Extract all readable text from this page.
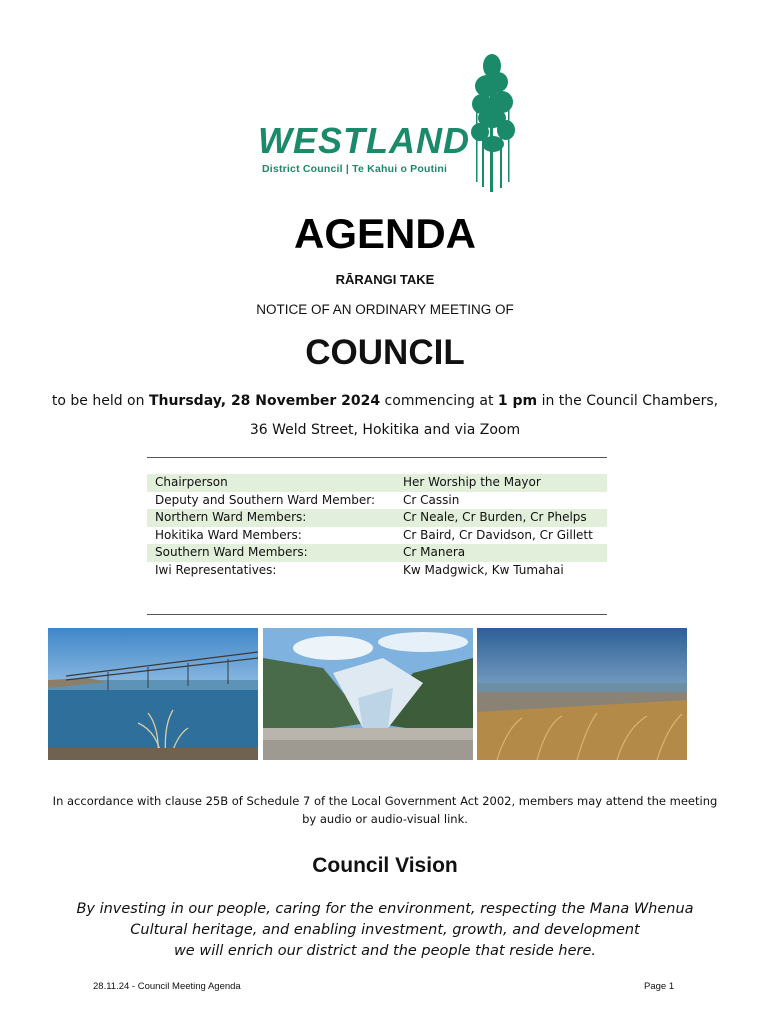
WESTLAND
District Council | Te Kahui o Poutini
AGENDA
RĀRANGI TAKE
NOTICE OF AN ORDINARY MEETING OF
COUNCIL
to be held on Thursday, 28 November 2024 commencing at 1 pm in the Council Chambers,
36 Weld Street, Hokitika and via Zoom
Chairperson	Her Worship the Mayor
Deputy and Southern Ward Member:	Cr Cassin
Northern Ward Members:	Cr Neale, Cr Burden, Cr Phelps
Hokitika Ward Members:	Cr Baird, Cr Davidson, Cr Gillett
Southern Ward Members:	Cr Manera
Iwi Representatives:	Kw Madgwick, Kw Tumahai
In accordance with clause 25B of Schedule 7 of the Local Government Act 2002, members may attend the meeting
by audio or audio-visual link.
Council Vision
By investing in our people, caring for the environment, respecting the Mana Whenua
Cultural heritage, and enabling investment, growth, and development
we will enrich our district and the people that reside here.
28.11.24 - Council Meeting Agenda	Page 1
